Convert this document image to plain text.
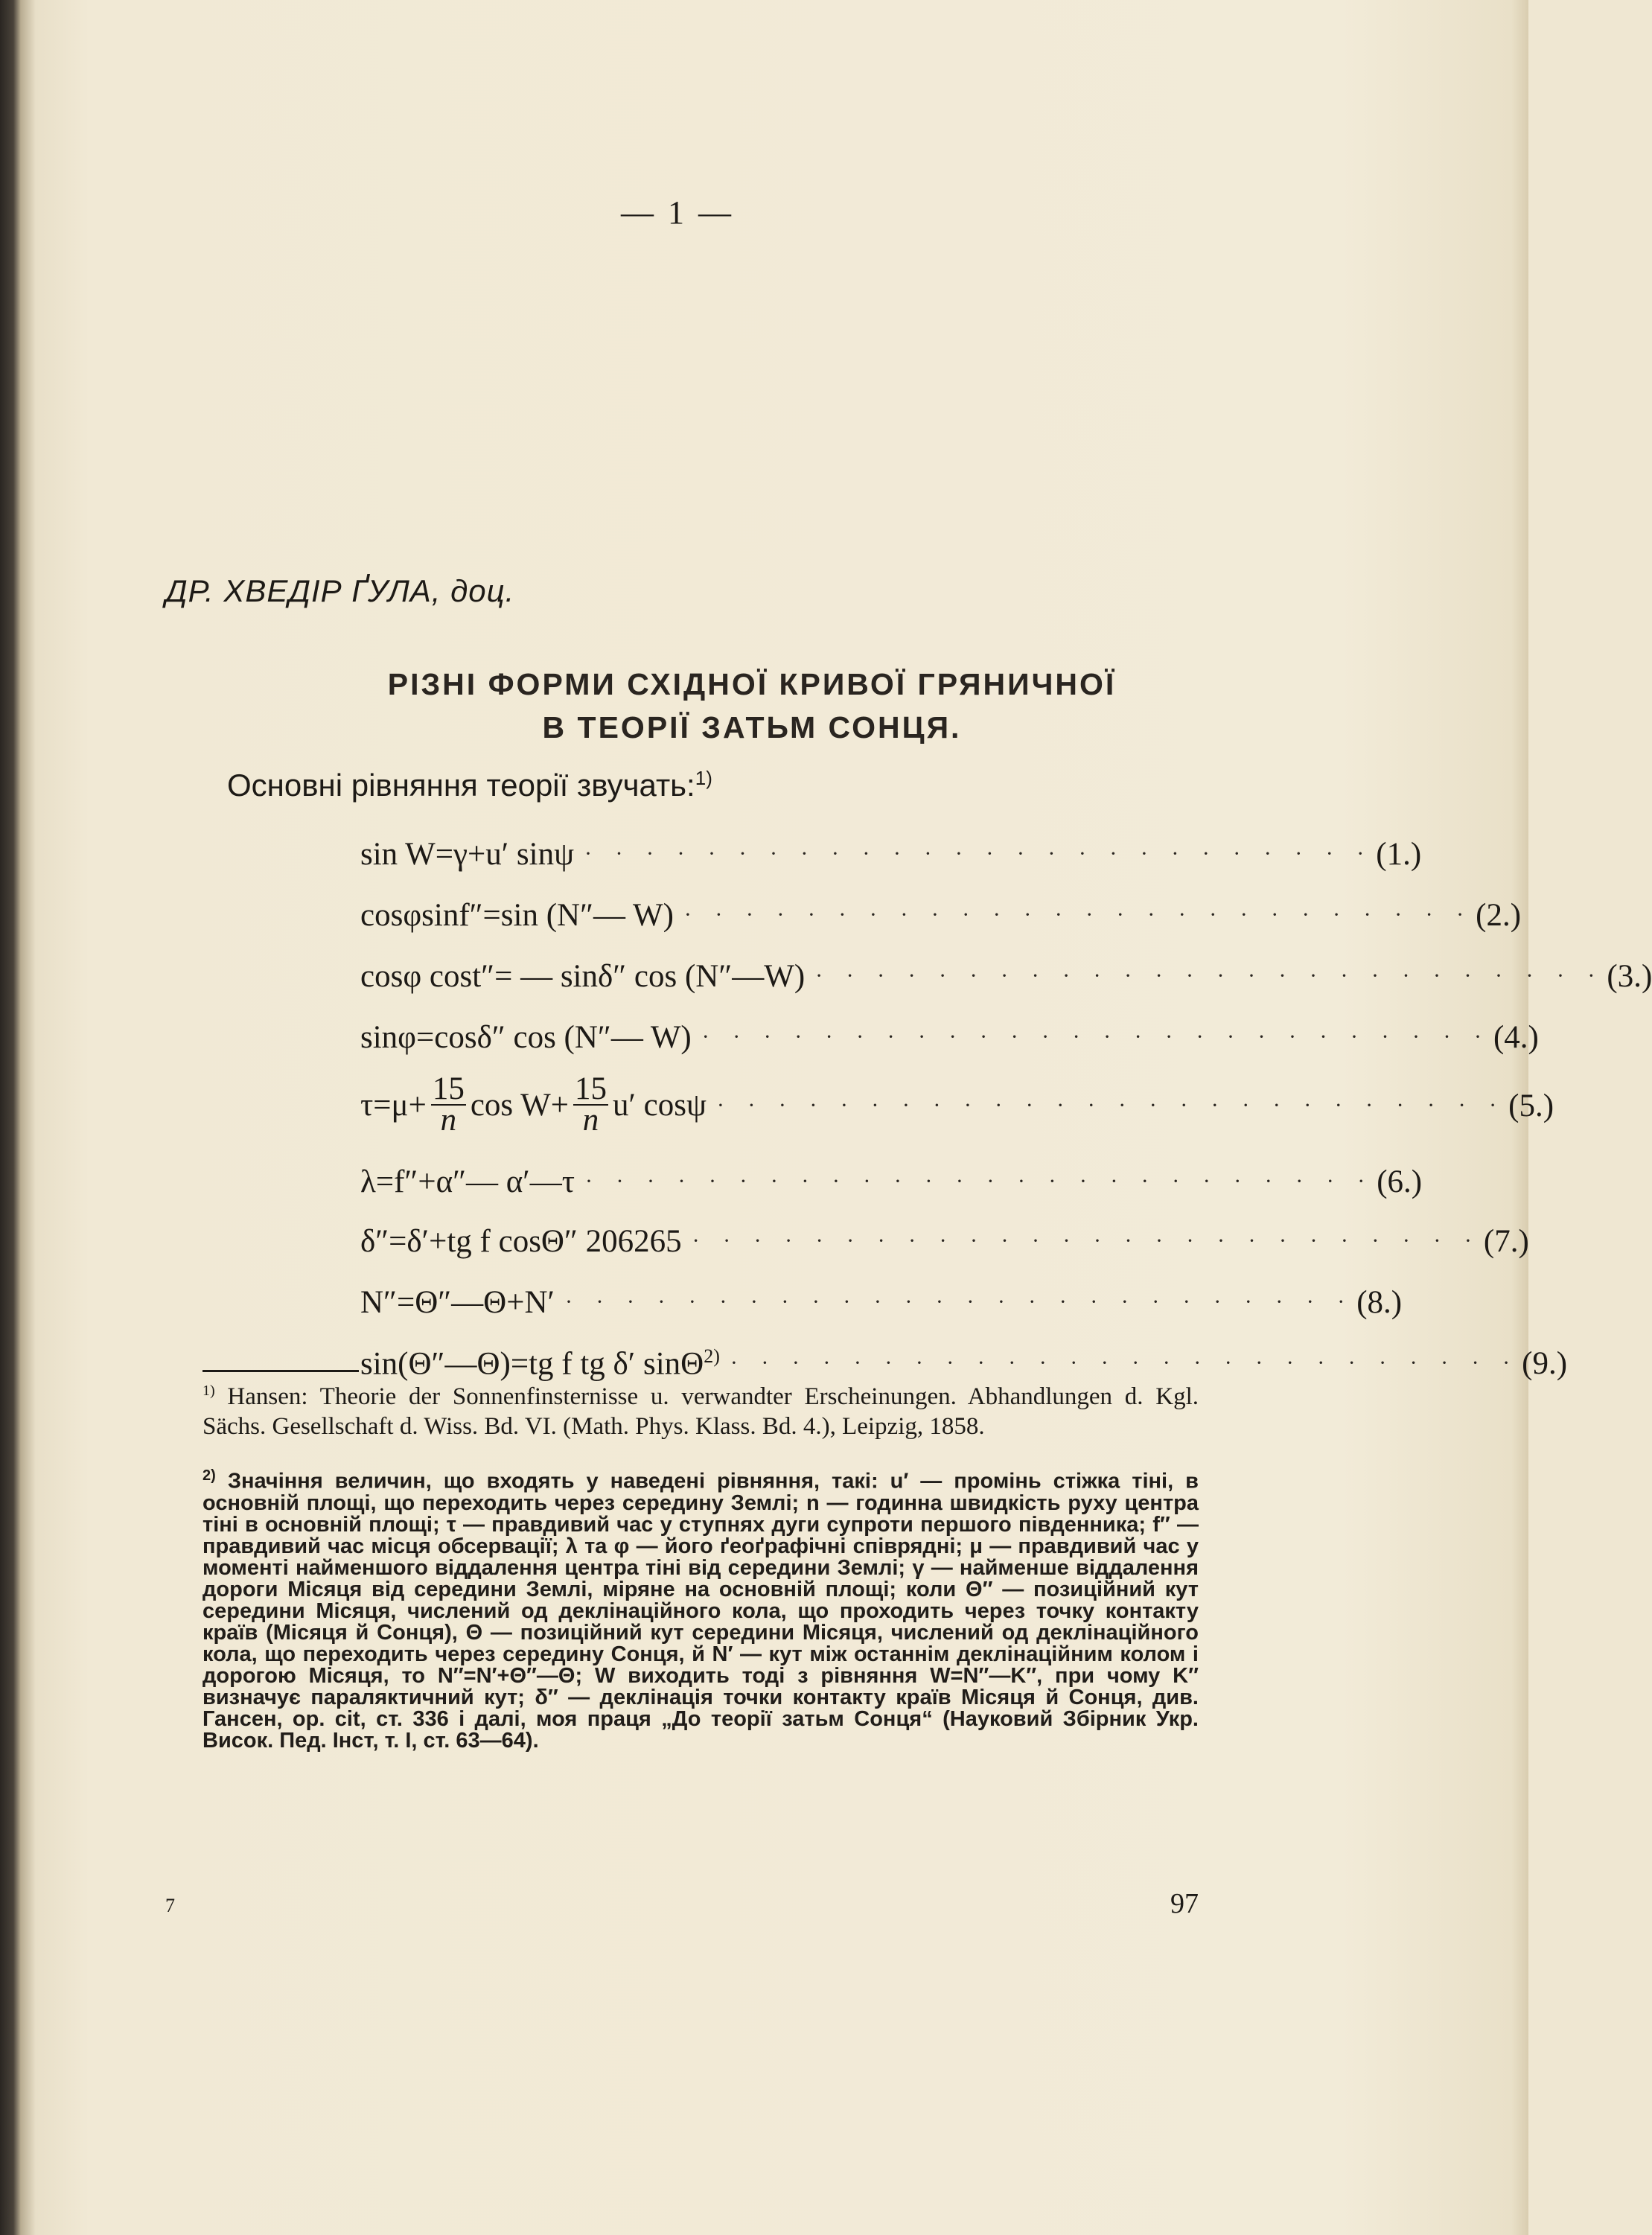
— 1 —
ДР. ХВЕДІР ҐУЛА, доц.
РІЗНІ ФОРМИ СХІДНОЇ КРИВОЇ ГРЯНИЧНОЇ
В ТЕОРІЇ ЗАТЬМ СОНЦЯ.
Основні рівняння теорії звучать:$^{1)}$
sin W=γ+u′ sinψ · · · · · · · · · · · · · · · · · · · · · · · · · · (1.)
cosφsinf″=sin (N″— W) · · · · · · · · · · · · · · · · · · · · · · · · · · (2.)
cosφ cost″= — sinδ″ cos (N″—W) · · · · · · · · · · · · · · · · · · · · · · · · · · (3.)
sinφ=cosδ″ cos (N″— W) · · · · · · · · · · · · · · · · · · · · · · · · · · (4.)
$\tau=\mu+ \frac{15}{n}$ $\cos W+ \frac{15}{n} u'$ cosψ · · · · · · · · · · · · · · · · · · · · · · · · · · (5.)
λ=f″+α″— α′—τ · · · · · · · · · · · · · · · · · · · · · · · · · · (6.)
δ″=δ′+tg f cosΘ″ 206265 · · · · · · · · · · · · · · · · · · · · · · · · · · (7.)
N″=Θ″—Θ+N′ · · · · · · · · · · · · · · · · · · · · · · · · · · (8.)
sin(Θ″—Θ)=tg f tg δ′ sinΘ$^{2)}$ · · · · · · · · · · · · · · · · · · · · · · · · · · (9.)
$^{1)}$ Hansen: Theorie der Sonnenfinsternisse u. verwandter Erscheinungen. Abhandlungen d. Kgl. Sächs. Gesellschaft d. Wiss. Bd. VI. (Math. Phys. Klass. Bd. 4.), Leipzig, 1858.
$^{2)}$ Значіння величин, що входять у наведені рівняння, такі: u′ — промінь стіжка тіні, в основній площі, що переходить через середину Землі; n — годинна швидкість руху центра тіні в основній площі; τ — правдивий час у ступнях дуги супроти першого південника; f″ — правдивий час місця обсервації; λ та φ — його ґеоґрафічні співрядні; μ — правдивий час у моменті найменшого віддалення центра тіні від середини Землі; γ — найменше віддалення дороги Місяця від середини Землі, міряне на основній площі; коли Θ″ — позиційний кут середини Місяця, числений од деклінаційного кола, що проходить через точку контакту країв (Місяця й Сонця), Θ — позиційний кут середини Місяця, числений од деклінаційного кола, що переходить через середину Сонця, й N′ — кут між останнім деклінаційним колом і дорогою Місяця, то N″=N′+Θ″—Θ; W виходить тоді з рівняння W=N″—K″, при чому K″ визначує параляктичний кут; δ″ — деклінація точки контакту країв Місяця й Сонця, див. Гансен, op. cit, ст. 336 і далі, моя праця „До теорії затьм Сонця“ (Науковий Збірник Укр. Висок. Пед. Інст, т. І, ст. 63—64).
7	97
